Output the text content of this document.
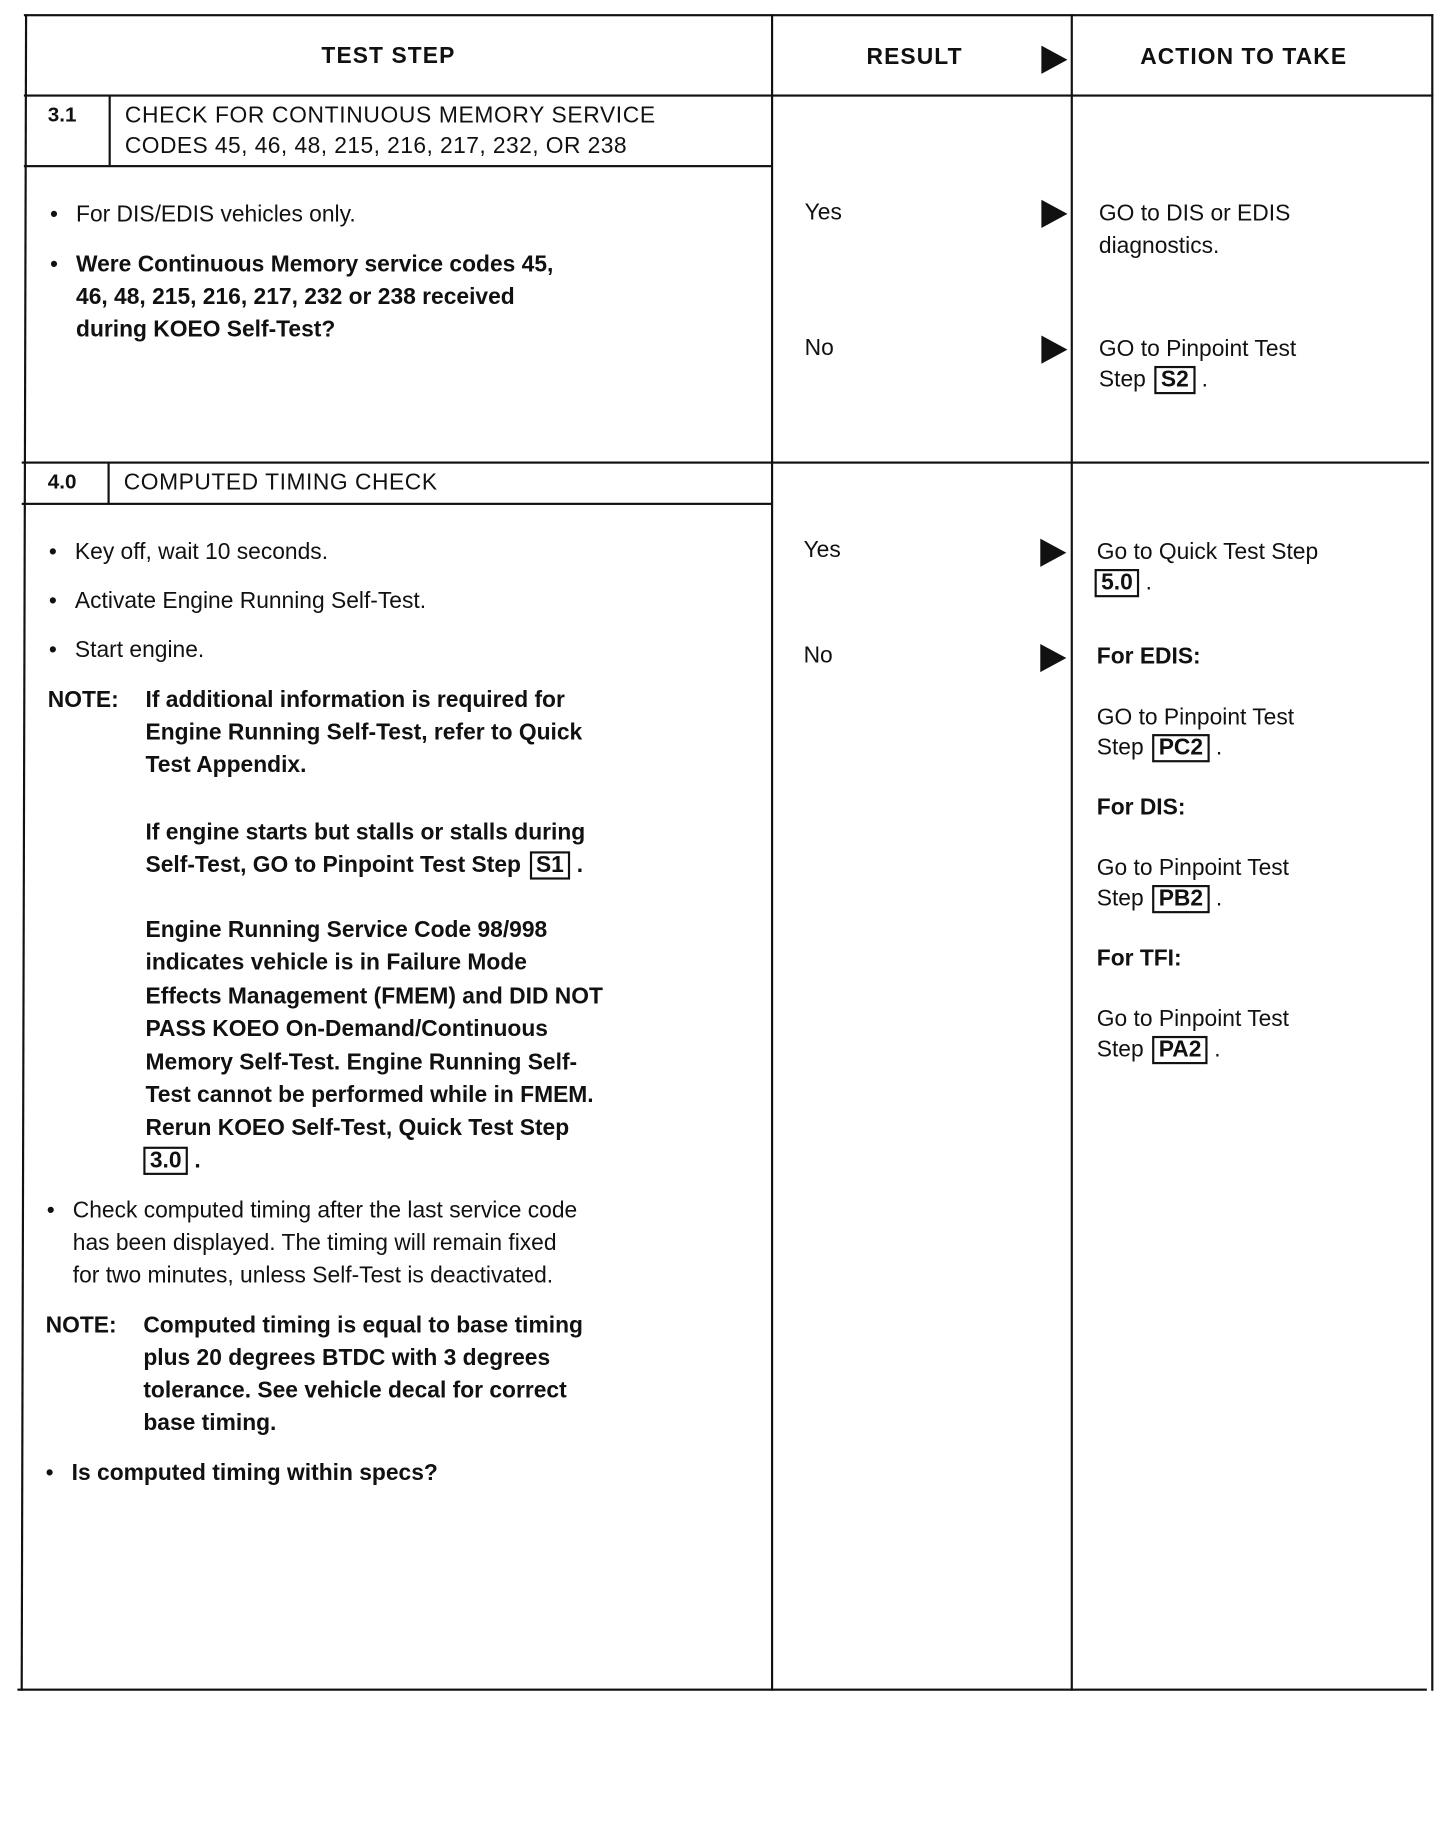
TEST STEP	RESULT	ACTION TO TAKE
3.1 CHECK FOR CONTINUOUS MEMORY SERVICE
CODES 45, 46, 48, 215, 216, 217, 232, OR 238
• For DIS/EDIS vehicles only.
• Were Continuous Memory service codes 45,
46, 48, 215, 216, 217, 232 or 238 received
during KOEO Self-Test?
Yes	GO to DIS or EDIS
diagnostics.
No	GO to Pinpoint Test
Step S2 .
4.0 COMPUTED TIMING CHECK
• Key off, wait 10 seconds.
• Activate Engine Running Self-Test.
• Start engine.
NOTE: If additional information is required for
Engine Running Self-Test, refer to Quick
Test Appendix.
If engine starts but stalls or stalls during
Self-Test, GO to Pinpoint Test Step S1 .
Engine Running Service Code 98/998
indicates vehicle is in Failure Mode
Effects Management (FMEM) and DID NOT
PASS KOEO On-Demand/Continuous
Memory Self-Test. Engine Running Self-
Test cannot be performed while in FMEM.
Rerun KOEO Self-Test, Quick Test Step
3.0 .
• Check computed timing after the last service code
has been displayed. The timing will remain fixed
for two minutes, unless Self-Test is deactivated.
NOTE: Computed timing is equal to base timing
plus 20 degrees BTDC with 3 degrees
tolerance. See vehicle decal for correct
base timing.
• Is computed timing within specs?
Yes	Go to Quick Test Step
5.0 .
No	For EDIS:
GO to Pinpoint Test
Step PC2 .
For DIS:
Go to Pinpoint Test
Step PB2 .
For TFI:
Go to Pinpoint Test
Step PA2 .
